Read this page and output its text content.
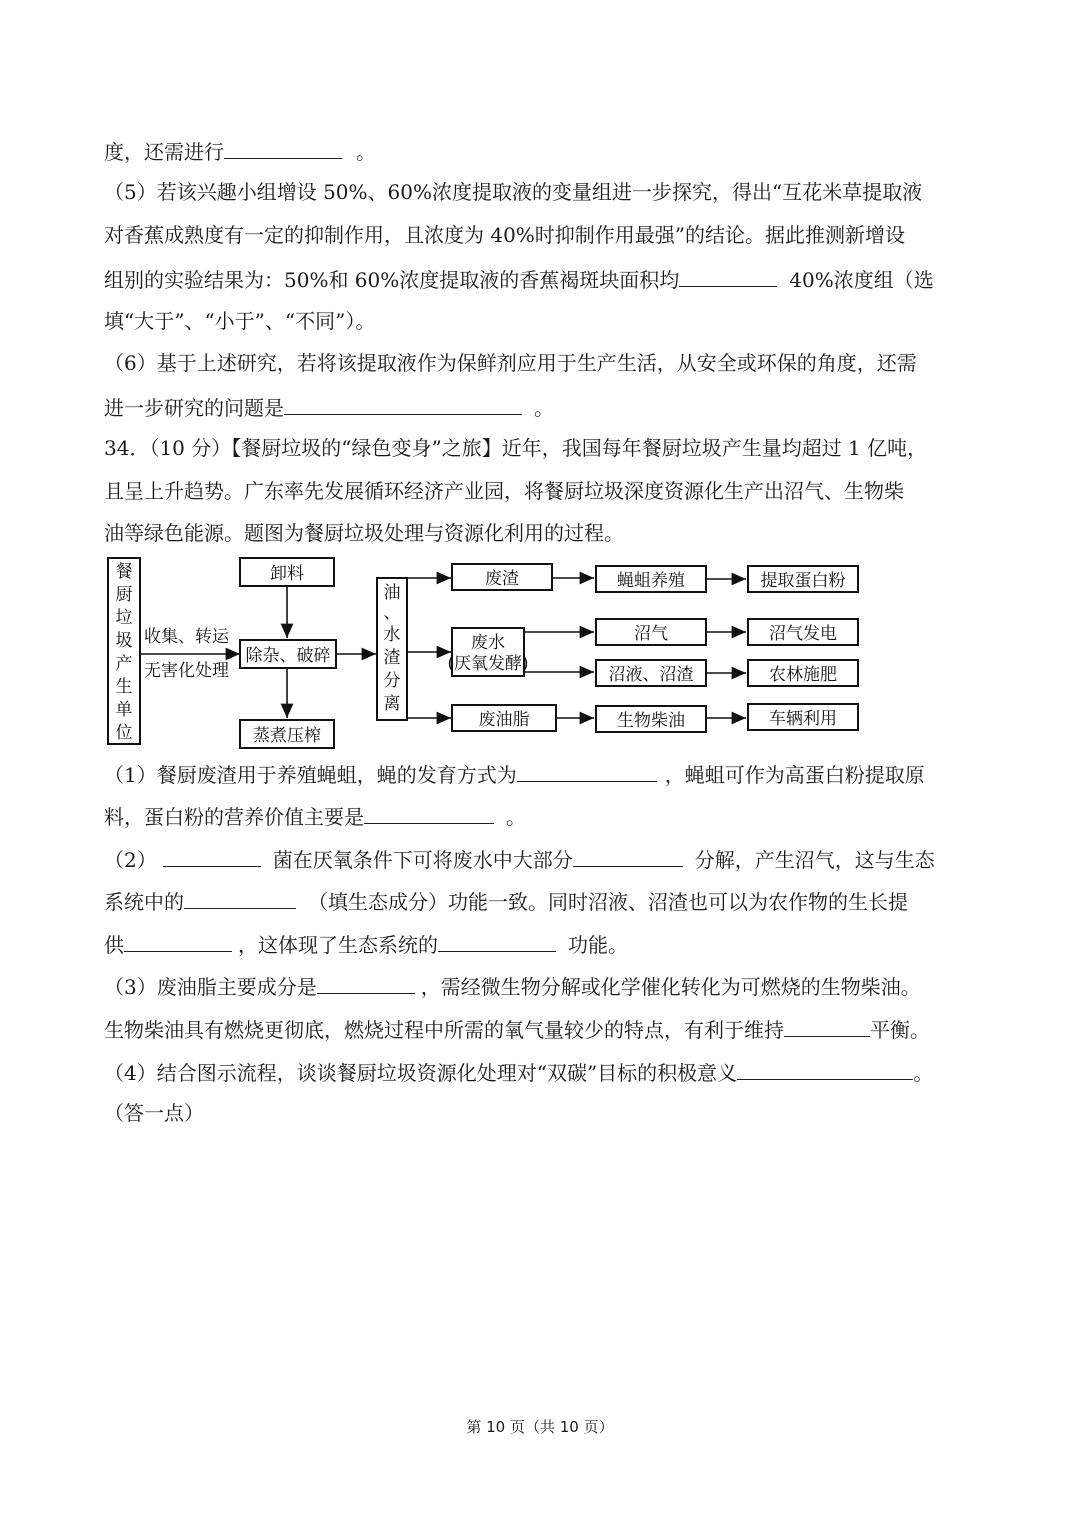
度，还需进行	。
（5）若该兴趣小组增设 50%、60%浓度提取液的变量组进一步探究，得出“互花米草提取液
对香蕉成熟度有一定的抑制作用，且浓度为 40%时抑制作用最强”的结论。据此推测新增设
组别的实验结果为：50%和 60%浓度提取液的香蕉褐斑块面积均	40%浓度组（选
填“大于”、“小于”、“不同”）。
（6）基于上述研究，若将该提取液作为保鲜剂应用于生产生活，从安全或环保的角度，还需
进一步研究的问题是	。
34．（10 分）【餐厨垃圾的“绿色变身”之旅】近年，我国每年餐厨垃圾产生量均超过 1 亿吨，
且呈上升趋势。广东率先发展循环经济产业园，将餐厨垃圾深度资源化生产出沼气、生物柴
油等绿色能源。题图为餐厨垃圾处理与资源化利用的过程。
餐
厨
垃
圾
产
生
单
位
收集、转运
无害化处理
卸料
除杂、破碎
蒸煮压榨
油
、
水
渣
分
离
废渣	蝇蛆养殖	提取蛋白粉
废水
(厌氧发酵)
沼气	沼气发电
沼液、沼渣	农林施肥
废油脂	生物柴油	车辆利用
（1）餐厨废渣用于养殖蝇蛆，蝇的发育方式为	，蝇蛆可作为高蛋白粉提取原
料，蛋白粉的营养价值主要是	。
（2）	菌在厌氧条件下可将废水中大部分	分解，产生沼气，这与生态
系统中的	（填生态成分）功能一致。同时沼液、沼渣也可以为农作物的生长提
供	，这体现了生态系统的	功能。
（3）废油脂主要成分是	，需经微生物分解或化学催化转化为可燃烧的生物柴油。
生物柴油具有燃烧更彻底，燃烧过程中所需的氧气量较少的特点，有利于维持	平衡。
（4）结合图示流程，谈谈餐厨垃圾资源化处理对“双碳”目标的积极意义	。
（答一点）
第 10 页（共 10 页）
